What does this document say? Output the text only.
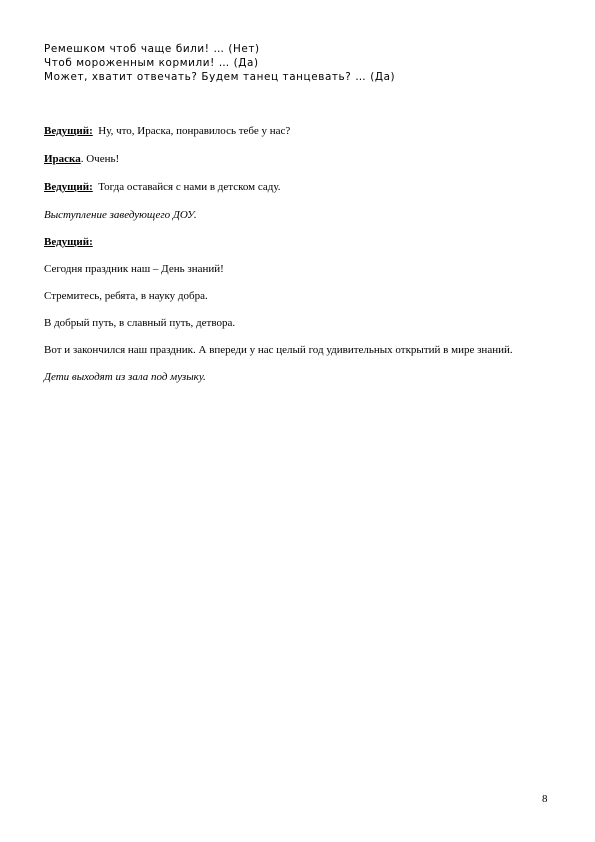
Ремешком чтоб чаще били! … (Нет)
Чтоб мороженным кормили! … (Да)
Может, хватит отвечать? Будем танец танцевать? … (Да)
Ведущий:  Ну, что, Ираска, понравилось тебе у нас?
Ираска. Очень!
Ведущий:  Тогда оставайся с нами в детском саду.
Выступление заведующего ДОУ.
Ведущий:
Сегодня праздник наш – День знаний!
Стремитесь, ребята, в науку добра.
В добрый путь, в славный путь, детвора.
Вот и закончился наш праздник. А впереди у нас целый год удивительных открытий в мире знаний.
Дети выходят из зала под музыку.
8
